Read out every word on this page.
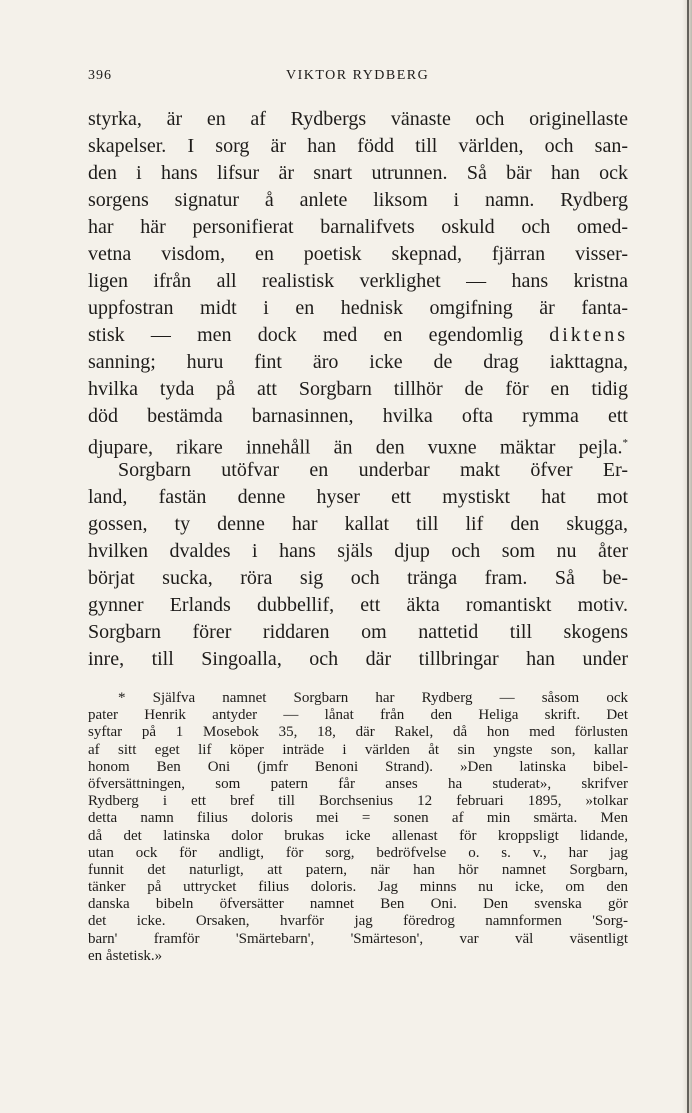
396	VIKTOR RYDBERG
styrka, är en af Rydbergs vänaste och originellaste
skapelser. I sorg är han född till världen, och san-
den i hans lifsur är snart utrunnen. Så bär han ock
sorgens signatur å anlete liksom i namn. Rydberg
har här personifierat barnalifvets oskuld och omed-
vetna visdom, en poetisk skepnad, fjärran visser-
ligen ifrån all realistisk verklighet — hans kristna
uppfostran midt i en hednisk omgifning är fanta-
stisk — men dock med en egendomlig diktens
sanning; huru fint äro icke de drag iakttagna,
hvilka tyda på att Sorgbarn tillhör de för en tidig
död bestämda barnasinnen, hvilka ofta rymma ett
djupare, rikare innehåll än den vuxne mäktar pejla.*
Sorgbarn utöfvar en underbar makt öfver Er-
land, fastän denne hyser ett mystiskt hat mot
gossen, ty denne har kallat till lif den skugga,
hvilken dvaldes i hans själs djup och som nu åter
börjat sucka, röra sig och tränga fram. Så be-
gynner Erlands dubbellif, ett äkta romantiskt motiv.
Sorgbarn förer riddaren om nattetid till skogens
inre, till Singoalla, och där tillbringar han under
* Själfva namnet Sorgbarn har Rydberg — såsom ock
pater Henrik antyder — lånat från den Heliga skrift. Det
syftar på 1 Mosebok 35, 18, där Rakel, då hon med förlusten
af sitt eget lif köper inträde i världen åt sin yngste son, kallar
honom Ben Oni (jmfr Benoni Strand). »Den latinska bibel-
öfversättningen, som patern får anses ha studerat», skrifver
Rydberg i ett bref till Borchsenius 12 februari 1895, »tolkar
detta namn filius doloris mei = sonen af min smärta. Men
då det latinska dolor brukas icke allenast för kroppsligt lidande,
utan ock för andligt, för sorg, bedröfvelse o. s. v., har jag
funnit det naturligt, att patern, när han hör namnet Sorgbarn,
tänker på uttrycket filius doloris. Jag minns nu icke, om den
danska bibeln öfversätter namnet Ben Oni. Den svenska gör
det icke. Orsaken, hvarför jag föredrog namnformen 'Sorg-
barn' framför 'Smärtebarn', 'Smärteson', var väl väsentligt
en åstetisk.»
